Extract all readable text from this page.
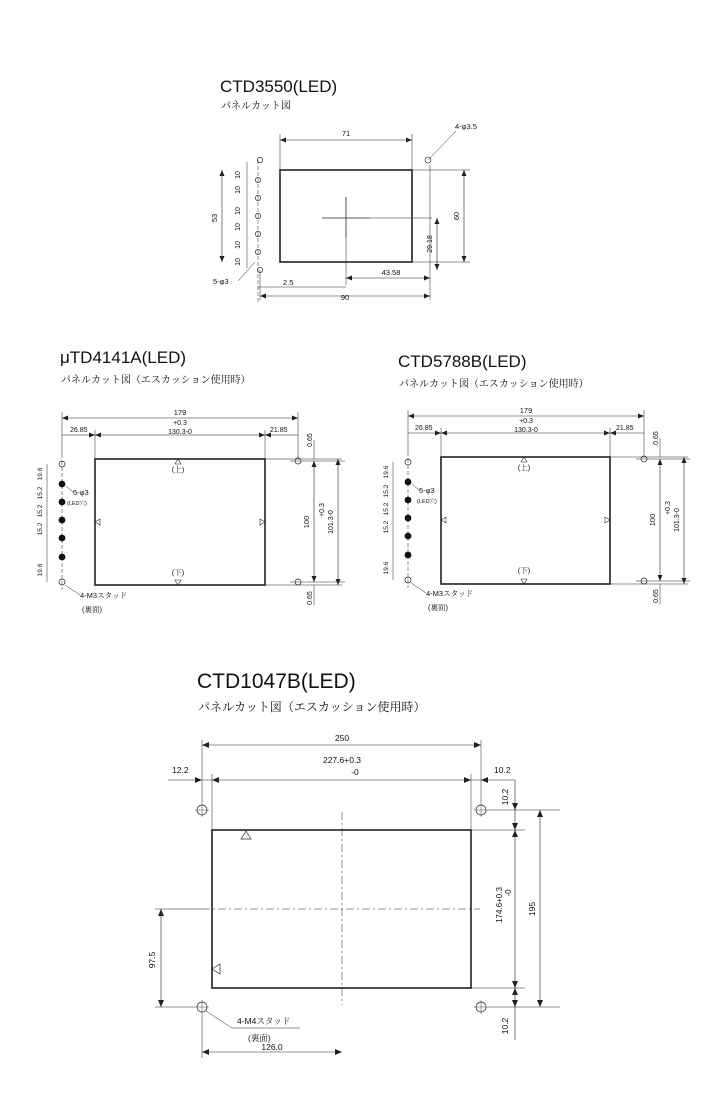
CTD3550(LED)
パネルカット図
71
4-φ3.5
60
29.18
10
10
10
10
10
10
53
5-φ3	2.5
43.58
90
μTD4141A(LED)
パネルカット図（エスカッション使用時）
(上)
(下)
179
26.85
+0.3
130.3-0	21.85
100
+0.3
101.3-0
0.65
0.65
19.6
15.2
15.2
15.2
19.6
5-φ3
(LED穴)
4-M3スタッド
(裏面)
CTD5788B(LED)
パネルカット図（エスカッション使用時）
(上)
(下)
179
26.85
+0.3
130.3-0	21.85
100
+0.3
101.3-0
0.65
0.65
19.6
15.2
15.2
15.2
19.6
5-φ3
(LED穴)
4-M3スタッド
(裏面)
CTD1047B(LED)
パネルカット図（エスカッション使用時）
250
227.6+0.3
-0
12.2	10.2
10.2
174.6+0.3 -0
10.2
195
97.5
4-M4スタッド
(裏面)
126.0
